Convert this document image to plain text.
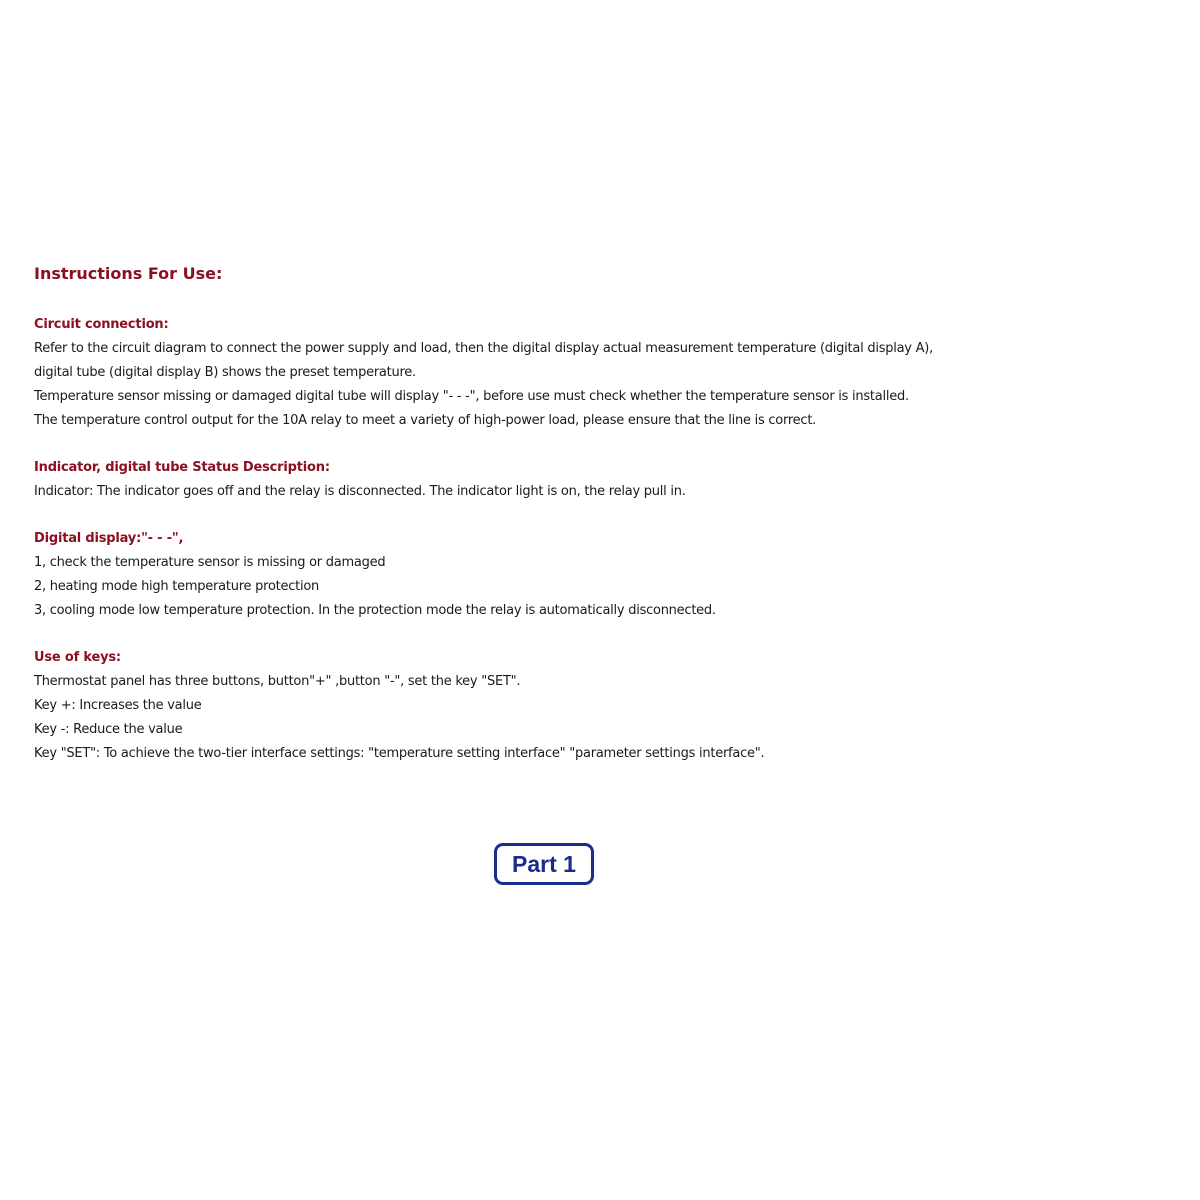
Instructions For Use:
Circuit connection:
Refer to the circuit diagram to connect the power supply and load, then the digital display actual measurement temperature (digital display A),
digital tube (digital display B) shows the preset temperature.
Temperature sensor missing or damaged digital tube will display "- - -", before use must check whether the temperature sensor is installed.
The temperature control output for the 10A relay to meet a variety of high-power load, please ensure that the line is correct.
Indicator, digital tube Status Description:
Indicator: The indicator goes off and the relay is disconnected. The indicator light is on, the relay pull in.
Digital display:"- - -",
1, check the temperature sensor is missing or damaged
2, heating mode high temperature protection
3, cooling mode low temperature protection. In the protection mode the relay is automatically disconnected.
Use of keys:
Thermostat panel has three buttons, button"+" ,button "-", set the key "SET".
Key +: Increases the value
Key -: Reduce the value
Key "SET": To achieve the two-tier interface settings: "temperature setting interface" "parameter settings interface".
Part 1
